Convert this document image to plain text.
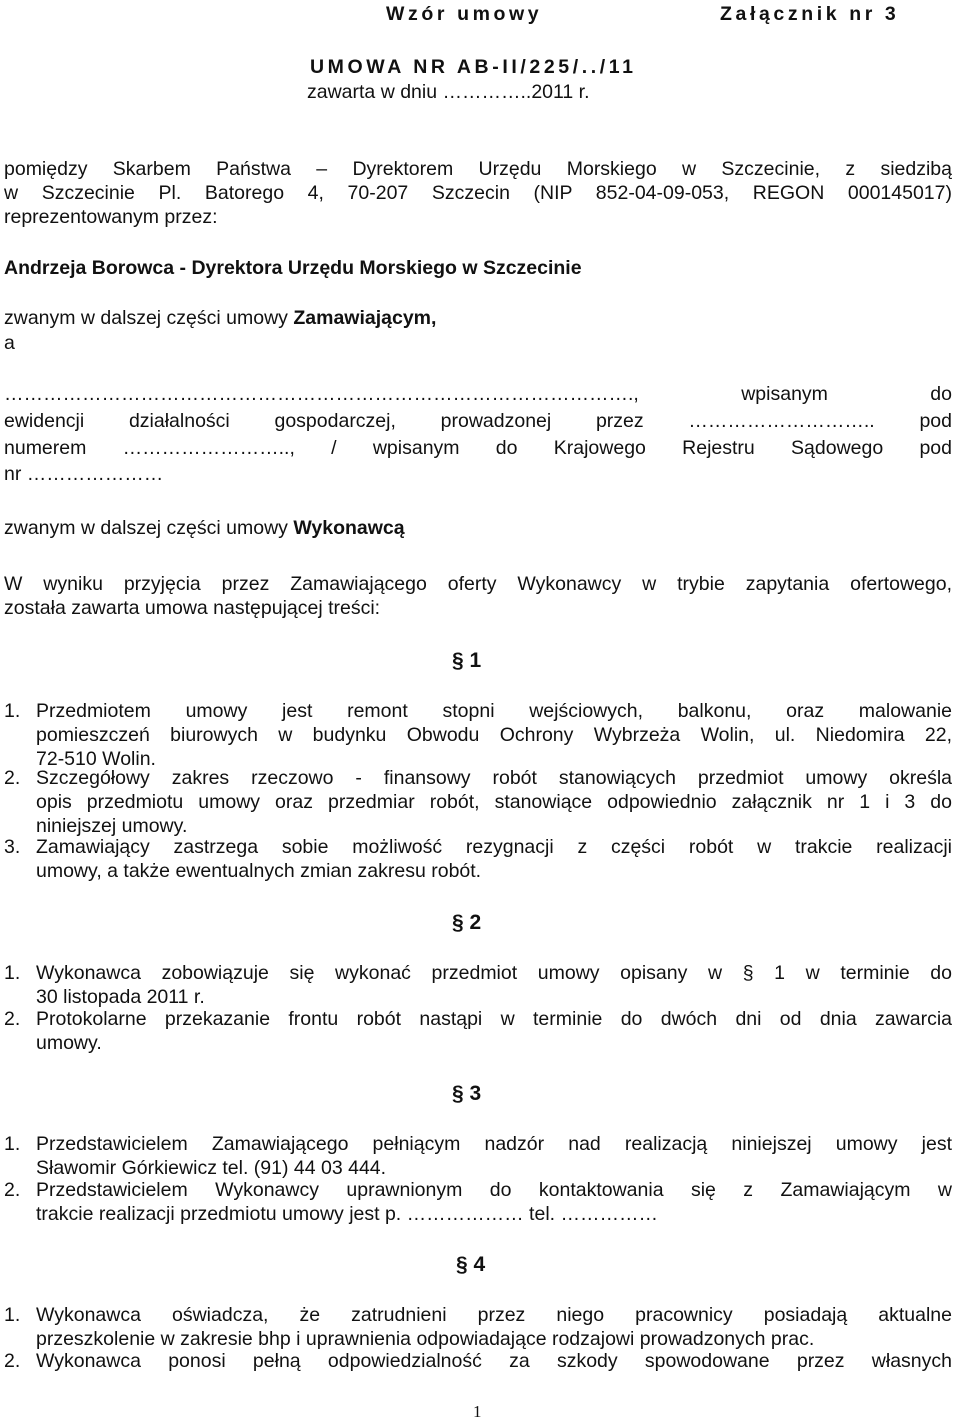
Wzór umowy	Załącznik nr 3
UMOWA NR AB-II/225/../11
zawarta w dniu …………..2011 r.
pomiędzy Skarbem Państwa – Dyrektorem Urzędu Morskiego w Szczecinie, z siedzibą
w Szczecinie Pl. Batorego 4, 70-207 Szczecin (NIP 852-04-09-053, REGON 000145017)
reprezentowanym przez:
Andrzeja Borowca - Dyrektora Urzędu Morskiego w Szczecinie
zwanym w dalszej części umowy Zamawiającym,
a
……………………………………………………………………………………., wpisanym do
ewidencji działalności gospodarczej, prowadzonej przez ……………………….. pod
numerem …………………….., / wpisanym do Krajowego Rejestru Sądowego pod
nr …………………
zwanym w dalszej części umowy Wykonawcą
W wyniku przyjęcia przez Zamawiającego oferty Wykonawcy w trybie zapytania ofertowego,
została zawarta umowa następującej treści:
§ 1
1. Przedmiotem umowy jest remont stopni wejściowych, balkonu, oraz malowanie
pomieszczeń biurowych w budynku Obwodu Ochrony Wybrzeża Wolin, ul. Niedomira 22,
72-510 Wolin.
2. Szczegółowy zakres rzeczowo - finansowy robót stanowiących przedmiot umowy określa
opis przedmiotu umowy oraz przedmiar robót, stanowiące odpowiednio załącznik nr 1 i 3 do
niniejszej umowy.
3. Zamawiający zastrzega sobie możliwość rezygnacji z części robót w trakcie realizacji
umowy, a także ewentualnych zmian zakresu robót.
§ 2
1. Wykonawca zobowiązuje się wykonać przedmiot umowy opisany w § 1 w terminie do
30 listopada 2011 r.
2. Protokolarne przekazanie frontu robót nastąpi w terminie do dwóch dni od dnia zawarcia
umowy.
§ 3
1. Przedstawicielem Zamawiającego pełniącym nadzór nad realizacją niniejszej umowy jest
Sławomir Górkiewicz tel. (91) 44 03 444.
2. Przedstawicielem Wykonawcy uprawnionym do kontaktowania się z Zamawiającym w
trakcie realizacji przedmiotu umowy jest p. ……………… tel. ……………
§ 4
1. Wykonawca oświadcza, że zatrudnieni przez niego pracownicy posiadają aktualne
przeszkolenie w zakresie bhp i uprawnienia odpowiadające rodzajowi prowadzonych prac.
2. Wykonawca ponosi pełną odpowiedzialność za szkody spowodowane przez własnych
1
